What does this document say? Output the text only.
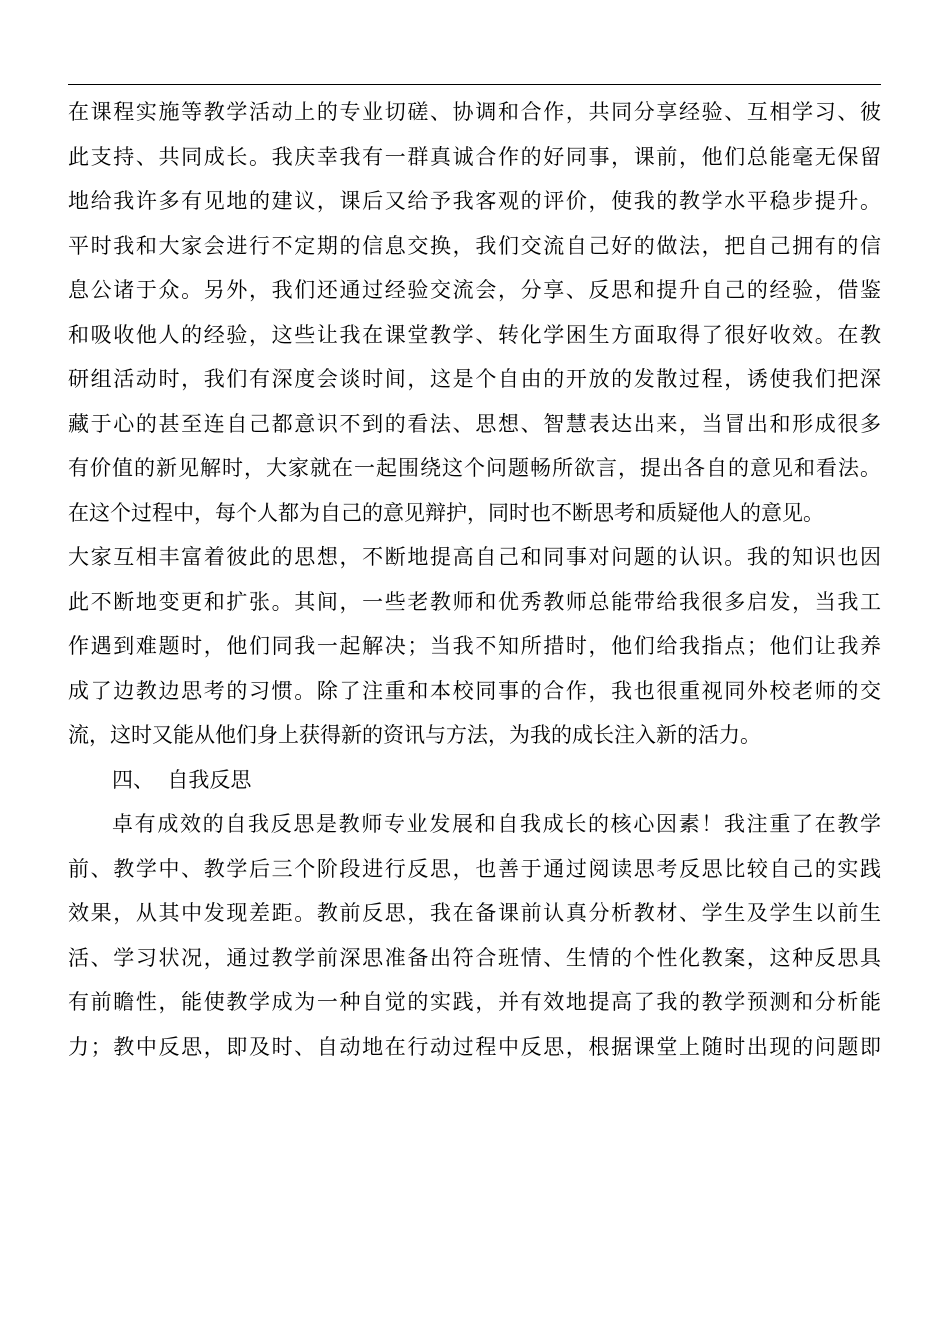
在课程实施等教学活动上的专业切磋、协调和合作，共同分享经验、互相学习、彼
此支持、共同成长。我庆幸我有一群真诚合作的好同事，课前，他们总能毫无保留
地给我许多有见地的建议，课后又给予我客观的评价，使我的教学水平稳步提升。
平时我和大家会进行不定期的信息交换，我们交流自己好的做法，把自己拥有的信
息公诸于众。另外，我们还通过经验交流会，分享、反思和提升自己的经验，借鉴
和吸收他人的经验，这些让我在课堂教学、转化学困生方面取得了很好收效。在教
研组活动时，我们有深度会谈时间，这是个自由的开放的发散过程，诱使我们把深
藏于心的甚至连自己都意识不到的看法、思想、智慧表达出来，当冒出和形成很多
有价值的新见解时，大家就在一起围绕这个问题畅所欲言，提出各自的意见和看法。
在这个过程中，每个人都为自己的意见辩护，同时也不断思考和质疑他人的意见。
大家互相丰富着彼此的思想，不断地提高自己和同事对问题的认识。我的知识也因
此不断地变更和扩张。其间，一些老教师和优秀教师总能带给我很多启发，当我工
作遇到难题时，他们同我一起解决；当我不知所措时，他们给我指点；他们让我养
成了边教边思考的习惯。除了注重和本校同事的合作，我也很重视同外校老师的交
流，这时又能从他们身上获得新的资讯与方法，为我的成长注入新的活力。
四、  自我反思
卓有成效的自我反思是教师专业发展和自我成长的核心因素！我注重了在教学
前、教学中、教学后三个阶段进行反思，也善于通过阅读思考反思比较自己的实践
效果，从其中发现差距。教前反思，我在备课前认真分析教材、学生及学生以前生
活、学习状况，通过教学前深思准备出符合班情、生情的个性化教案，这种反思具
有前瞻性，能使教学成为一种自觉的实践，并有效地提高了我的教学预测和分析能
力；教中反思，即及时、自动地在行动过程中反思，根据课堂上随时出现的问题即
